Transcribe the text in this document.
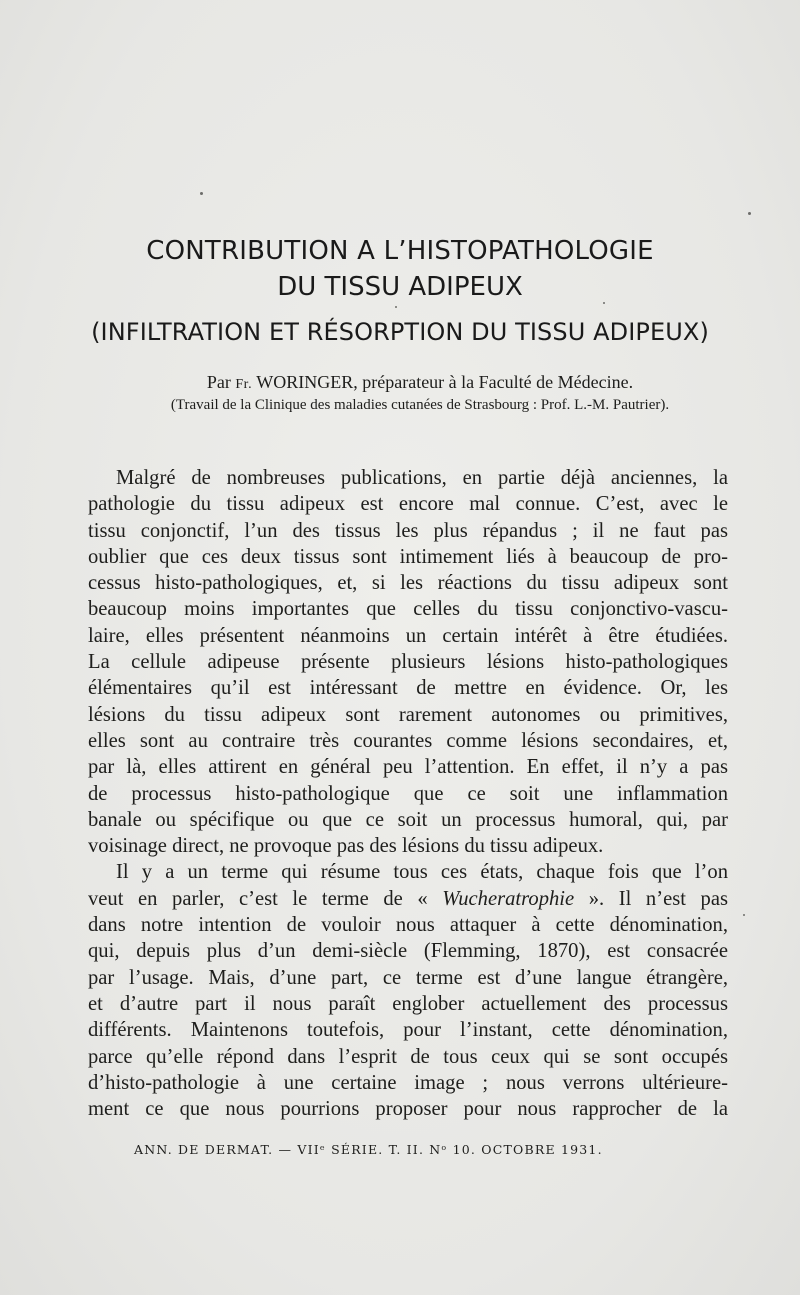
CONTRIBUTION A L’HISTOPATHOLOGIE
DU TISSU ADIPEUX
(INFILTRATION ET RÉSORPTION DU TISSU ADIPEUX)

Par Fr. WORINGER, préparateur à la Faculté de Médecine.

(Travail de la Clinique des maladies cutanées de Strasbourg : Prof. L.-M. Pautrier).

Malgré de nombreuses publications, en partie déjà anciennes, la
pathologie du tissu adipeux est encore mal connue. C’est, avec le
tissu conjonctif, l’un des tissus les plus répandus ; il ne faut pas
oublier que ces deux tissus sont intimement liés à beaucoup de pro-
cessus histo-pathologiques, et, si les réactions du tissu adipeux sont
beaucoup moins importantes que celles du tissu conjonctivo-vascu-
laire, elles présentent néanmoins un certain intérêt à être étudiées.
La cellule adipeuse présente plusieurs lésions histo-pathologiques
élémentaires qu’il est intéressant de mettre en évidence. Or, les
lésions du tissu adipeux sont rarement autonomes ou primitives,
elles sont au contraire très courantes comme lésions secondaires, et,
par là, elles attirent en général peu l’attention. En effet, il n’y a pas
de processus histo-pathologique que ce soit une inflammation
banale ou spécifique ou que ce soit un processus humoral, qui, par
voisinage direct, ne provoque pas des lésions du tissu adipeux.
Il y a un terme qui résume tous ces états, chaque fois que l’on
veut en parler, c’est le terme de « Wucheratrophie ». Il n’est pas
dans notre intention de vouloir nous attaquer à cette dénomination,
qui, depuis plus d’un demi-siècle (Flemming, 1870), est consacrée
par l’usage. Mais, d’une part, ce terme est d’une langue étrangère,
et d’autre part il nous paraît englober actuellement des processus
différents. Maintenons toutefois, pour l’instant, cette dénomination,
parce qu’elle répond dans l’esprit de tous ceux qui se sont occupés
d’histo-pathologie à une certaine image ; nous verrons ultérieure-
ment ce que nous pourrions proposer pour nous rapprocher de la

ANN. DE DERMAT. — VIIᵉ SÉRIE. T. II. Nᵒ 10. OCTOBRE 1931.
